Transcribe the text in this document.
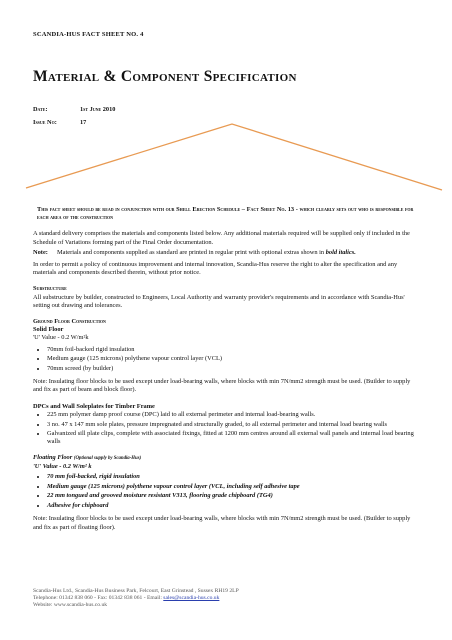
SCANDIA-HUS FACT SHEET NO. 4
Material & Component Specification
Date:	1st June 2010
Issue No:	17
This fact sheet should be read in conjunction with our Shell Erection Schedule – Fact Sheet No. 13 - which clearly sets out who is responsible for each area of the construction
A standard delivery comprises the materials and components listed below. Any additional materials required will be supplied only if included in the Schedule of Variations forming part of the Final Order documentation.
Note:	Materials and components supplied as standard are printed in regular print with optional extras shown in bold italics.
In order to permit a policy of continuous improvement and internal innovation, Scandia-Hus reserve the right to alter the specification and any materials and components described therein, without prior notice.
Substructure
All substructure by builder, constructed to Engineers, Local Authority and warranty provider's requirements and in accordance with Scandia-Hus' setting out drawing and tolerances.
Ground Floor Construction
Solid Floor
'U' Value - 0.2 W/m²k
• 70mm foil-backed rigid insulation
• Medium gauge (125 microns) polythene vapour control layer (VCL)
• 70mm screed (by builder)
Note: Insulating floor blocks to be used except under load-bearing walls, where blocks with min 7N/mm2 strength must be used. (Builder to supply and fix as part of beam and block floor).
DPCs and Wall Soleplates for Timber Frame
• 225 mm polymer damp proof course (DPC) laid to all external perimeter and internal load-bearing walls.
• 3 no. 47 x 147 mm sole plates, pressure impregnated and structurally graded, to all external perimeter and internal load bearing walls
• Galvanized sill plate clips, complete with associated fixings, fitted at 1200 mm centres around all external wall panels and internal load bearing walls
Floating Floor (Optional supply by Scandia-Hus)
'U' Value - 0.2 W/m² k
• 70 mm foil-backed, rigid insulation
• Medium gauge (125 microns) polythene vapour control layer (VCL, including self adhesive tape
• 22 mm tongued and grooved moisture resistant V313, flooring grade chipboard (TG4)
• Adhesive for chipboard
Note: Insulating floor blocks to be used except under load-bearing walls, where blocks with min 7N/mm2 strength must be used. (Builder to supply and fix as part of floating floor).
Scandia-Hus Ltd., Scandia-Hus Business Park, Felcourt, East Grinstead , Sussex RH19 2LP
Telephone: 01342 838 060 - Fax: 01342 838 061 - Email: sales@scandia-hus.co.uk
Website: www.scandia-hus.co.uk
